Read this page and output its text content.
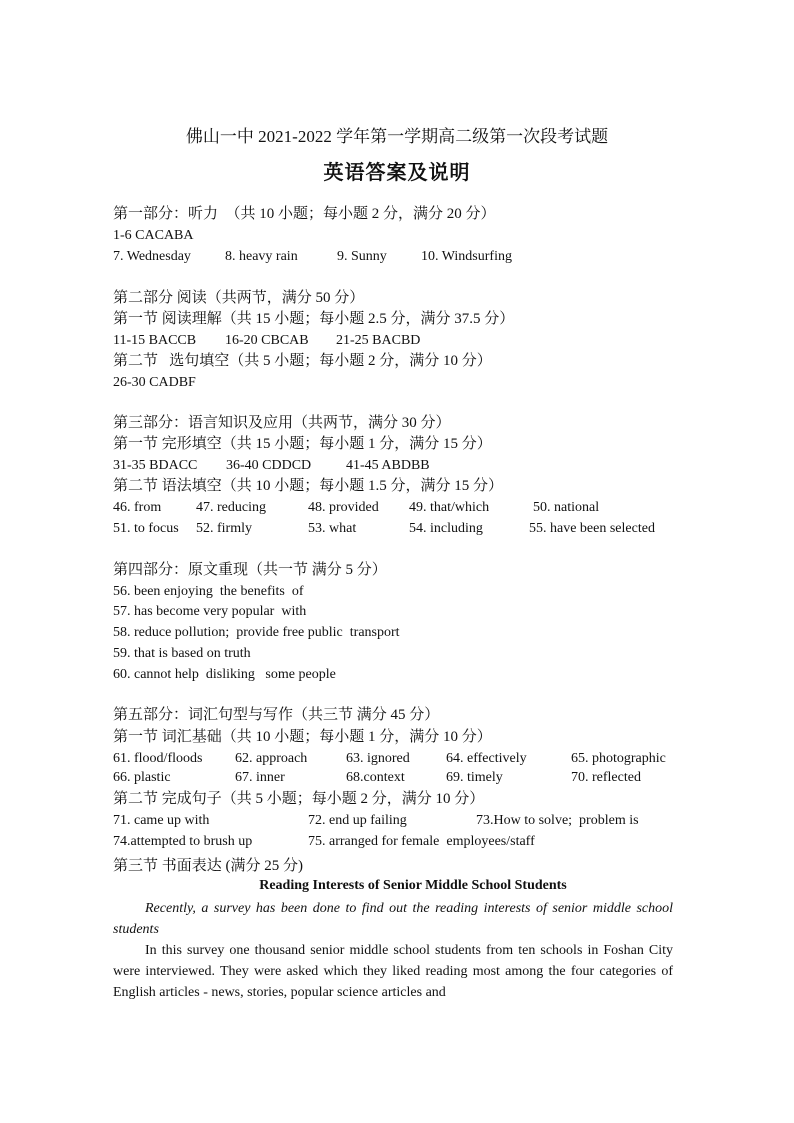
佛山一中 2021-2022 学年第一学期高二级第一次段考试题
英语答案及说明
第一部分：听力  （共 10 小题；每小题 2 分，满分 20 分）
1-6 CACABA
7. Wednesday 8. heavy rain	9. Sunny 10. Windsurfing
第二部分 阅读（共两节，满分 50 分）
第一节 阅读理解（共 15 小题；每小题 2.5 分，满分 37.5 分）
11-15 BACCB 16-20 CBCAB 21-25 BACBD
第二节   选句填空（共 5 小题；每小题 2 分，满分 10 分）
26-30 CADBF
第三部分：语言知识及应用（共两节，满分 30 分）
第一节 完形填空（共 15 小题；每小题 1 分，满分 15 分）
31-35 BDACC 36-40 CDDCD 41-45 ABDBB
第二节 语法填空（共 10 小题；每小题 1.5 分，满分 15 分）
46. from 47. reducing	48. provided 49. that/which	50. national
51. to focus 52. firmly	53. what	54. including	55. have been selected
第四部分：原文重现（共一节 满分 5 分）
56. been enjoying  the benefits  of
57. has become very popular  with
58. reduce pollution;  provide free public  transport
59. that is based on truth
60. cannot help  disliking   some people
第五部分：词汇句型与写作（共三节 满分 45 分）
第一节 词汇基础（共 10 小题；每小题 1 分，满分 10 分）
61. flood/floods 62. approach	63. ignored	64. effectively	65. photographic
66. plastic	67. inner	68.context	69. timely	70. reflected
第二节 完成句子（共 5 小题；每小题 2 分，满分 10 分）
71. came up with	72. end up failing	73.How to solve;  problem is
74.attempted to brush up	75. arranged for female  employees/staff
第三节 书面表达 (满分 25 分)
Reading Interests of Senior Middle School Students
Recently, a survey has been done to find out the reading interests of senior middle school students
In this survey one thousand senior middle school students from ten schools in Foshan City were interviewed. They were asked which they liked reading most among the four categories of English articles - news, stories, popular science articles and
